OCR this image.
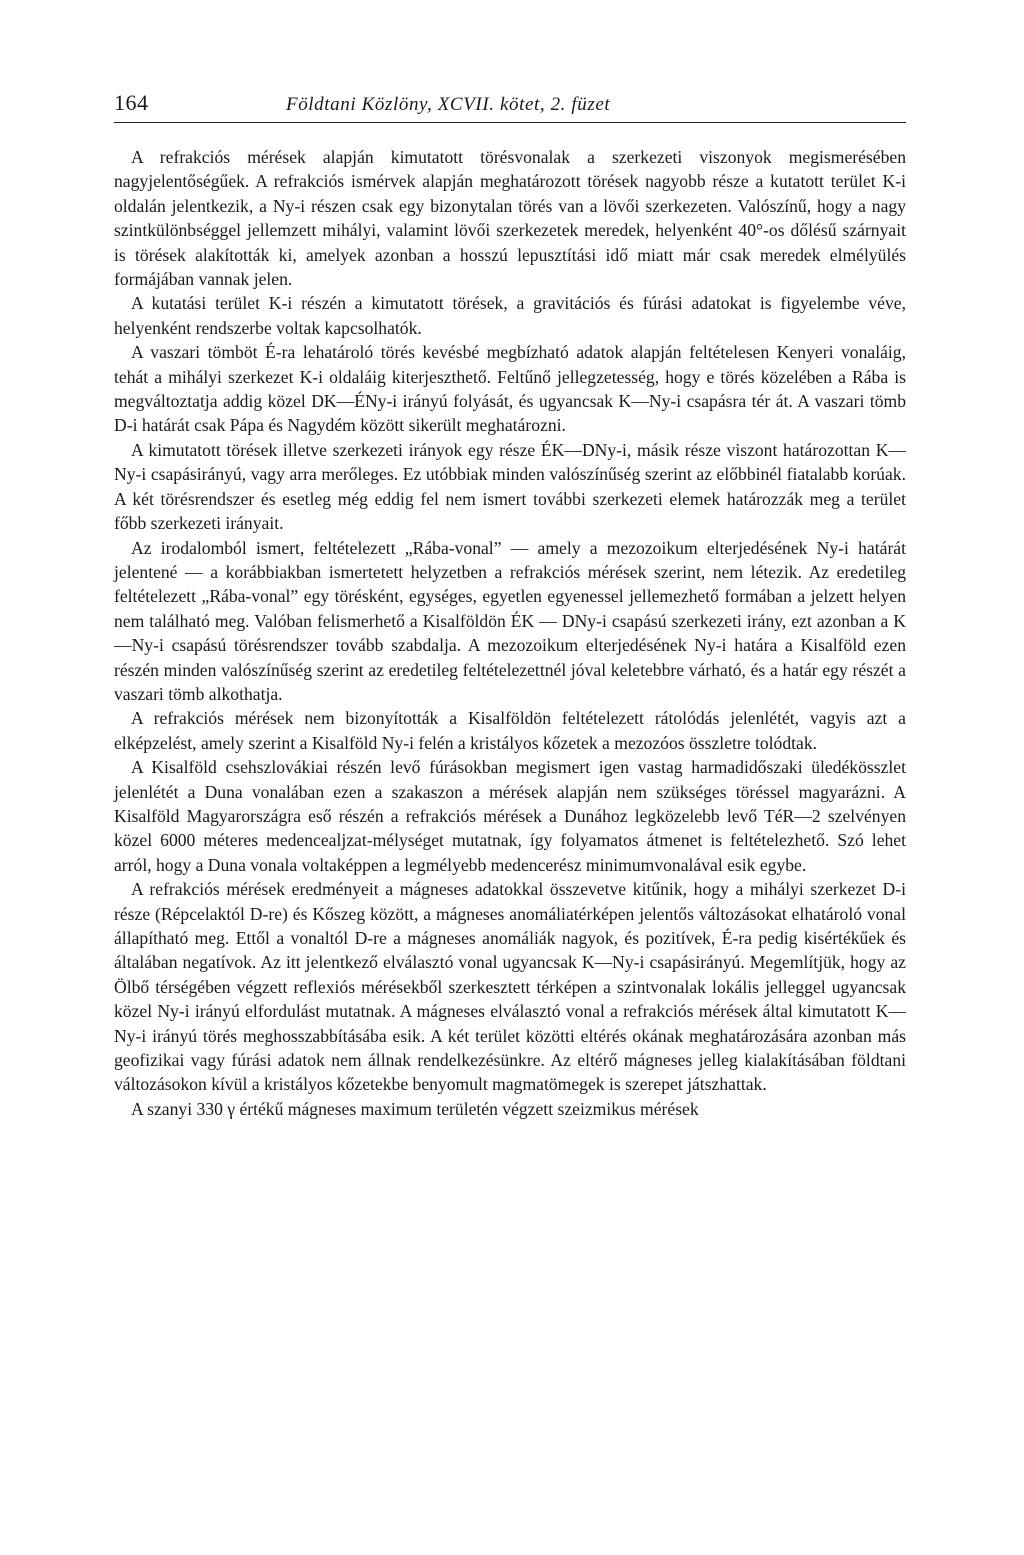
164	Földtani Közlöny, XCVII. kötet, 2. füzet

A refrakciós mérések alapján kimutatott törésvonalak a szerkezeti viszonyok megismerésében nagyjelentőségűek. A refrakciós ismérvek alapján meghatározott törések nagyobb része a kutatott terület K-i oldalán jelentkezik, a Ny-i részen csak egy bizonytalan törés van a lövői szerkezeten. Valószínű, hogy a nagy szintkülönbséggel jellemzett mihályi, valamint lövői szerkezetek meredek, helyenként 40°-os dőlésű szárnyait is törések alakították ki, amelyek azonban a hosszú lepusztítási idő miatt már csak meredek elmélyülés formájában vannak jelen.

A kutatási terület K-i részén a kimutatott törések, a gravitációs és fúrási adatokat is figyelembe véve, helyenként rendszerbe voltak kapcsolhatók.

A vaszari tömböt É-ra lehatároló törés kevésbé megbízható adatok alapján feltételesen Kenyeri vonaláig, tehát a mihályi szerkezet K-i oldaláig kiterjeszthető. Feltűnő jellegzetesség, hogy e törés közelében a Rába is megváltoztatja addig közel DK—ÉNy-i irányú folyását, és ugyancsak K—Ny-i csapásra tér át. A vaszari tömb D-i határát csak Pápa és Nagydém között sikerült meghatározni.

A kimutatott törések illetve szerkezeti irányok egy része ÉK—DNy-i, másik része viszont határozottan K—Ny-i csapásirányú, vagy arra merőleges. Ez utóbbiak minden valószínűség szerint az előbbinél fiatalabb korúak. A két törésrendszer és esetleg még eddig fel nem ismert további szerkezeti elemek határozzák meg a terület főbb szerkezeti irányait.

Az irodalomból ismert, feltételezett „Rába-vonal” — amely a mezozoikum elterjedésének Ny-i határát jelentené — a korábbiakban ismertetett helyzetben a refrakciós mérések szerint, nem létezik. Az eredetileg feltételezett „Rába-vonal” egy törésként, egységes, egyetlen egyenessel jellemezhető formában a jelzett helyen nem található meg. Valóban felismerhető a Kisalföldön ÉK — DNy-i csapású szerkezeti irány, ezt azonban a K—Ny-i csapású törésrendszer tovább szabdalja. A mezozoikum elterjedésének Ny-i határa a Kisalföld ezen részén minden valószínűség szerint az eredetileg feltételezettnél jóval keletebbre várható, és a határ egy részét a vaszari tömb alkothatja.

A refrakciós mérések nem bizonyították a Kisalföldön feltételezett rátolódás jelenlétét, vagyis azt a elképzelést, amely szerint a Kisalföld Ny-i felén a kristályos kőzetek a mezozóos összletre tolódtak.

A Kisalföld csehszlovákiai részén levő fúrásokban megismert igen vastag harmadidőszaki üledékösszlet jelenlétét a Duna vonalában ezen a szakaszon a mérések alapján nem szükséges töréssel magyarázni. A Kisalföld Magyarországra eső részén a refrakciós mérések a Dunához legközelebb levő TéR—2 szelvényen közel 6000 méteres medencealjzat-mélységet mutatnak, így folyamatos átmenet is feltételezhető. Szó lehet arról, hogy a Duna vonala voltaképpen a legmélyebb medencerész minimumvonalával esik egybe.

A refrakciós mérések eredményeit a mágneses adatokkal összevetve kitűnik, hogy a mihályi szerkezet D-i része (Répcelaktól D-re) és Kőszeg között, a mágneses anomáliatérképen jelentős változásokat elhatároló vonal állapítható meg. Ettől a vonaltól D-re a mágneses anomáliák nagyok, és pozitívek, É-ra pedig kisértékűek és általában negatívok. Az itt jelentkező elválasztó vonal ugyancsak K—Ny-i csapásirányú. Megemlítjük, hogy az Ölbő térségében végzett reflexiós mérésekből szerkesztett térképen a szintvonalak lokális jelleggel ugyancsak közel Ny-i irányú elfordulást mutatnak. A mágneses elválasztó vonal a refrakciós mérések által kimutatott K—Ny-i irányú törés meghosszabbításába esik. A két terület közötti eltérés okának meghatározására azonban más geofizikai vagy fúrási adatok nem állnak rendelkezésünkre. Az eltérő mágneses jelleg kialakításában földtani változásokon kívül a kristályos kőzetekbe benyomult magmatömegek is szerepet játszhattak.

A szanyi 330 γ értékű mágneses maximum területén végzett szeizmikus mérések
